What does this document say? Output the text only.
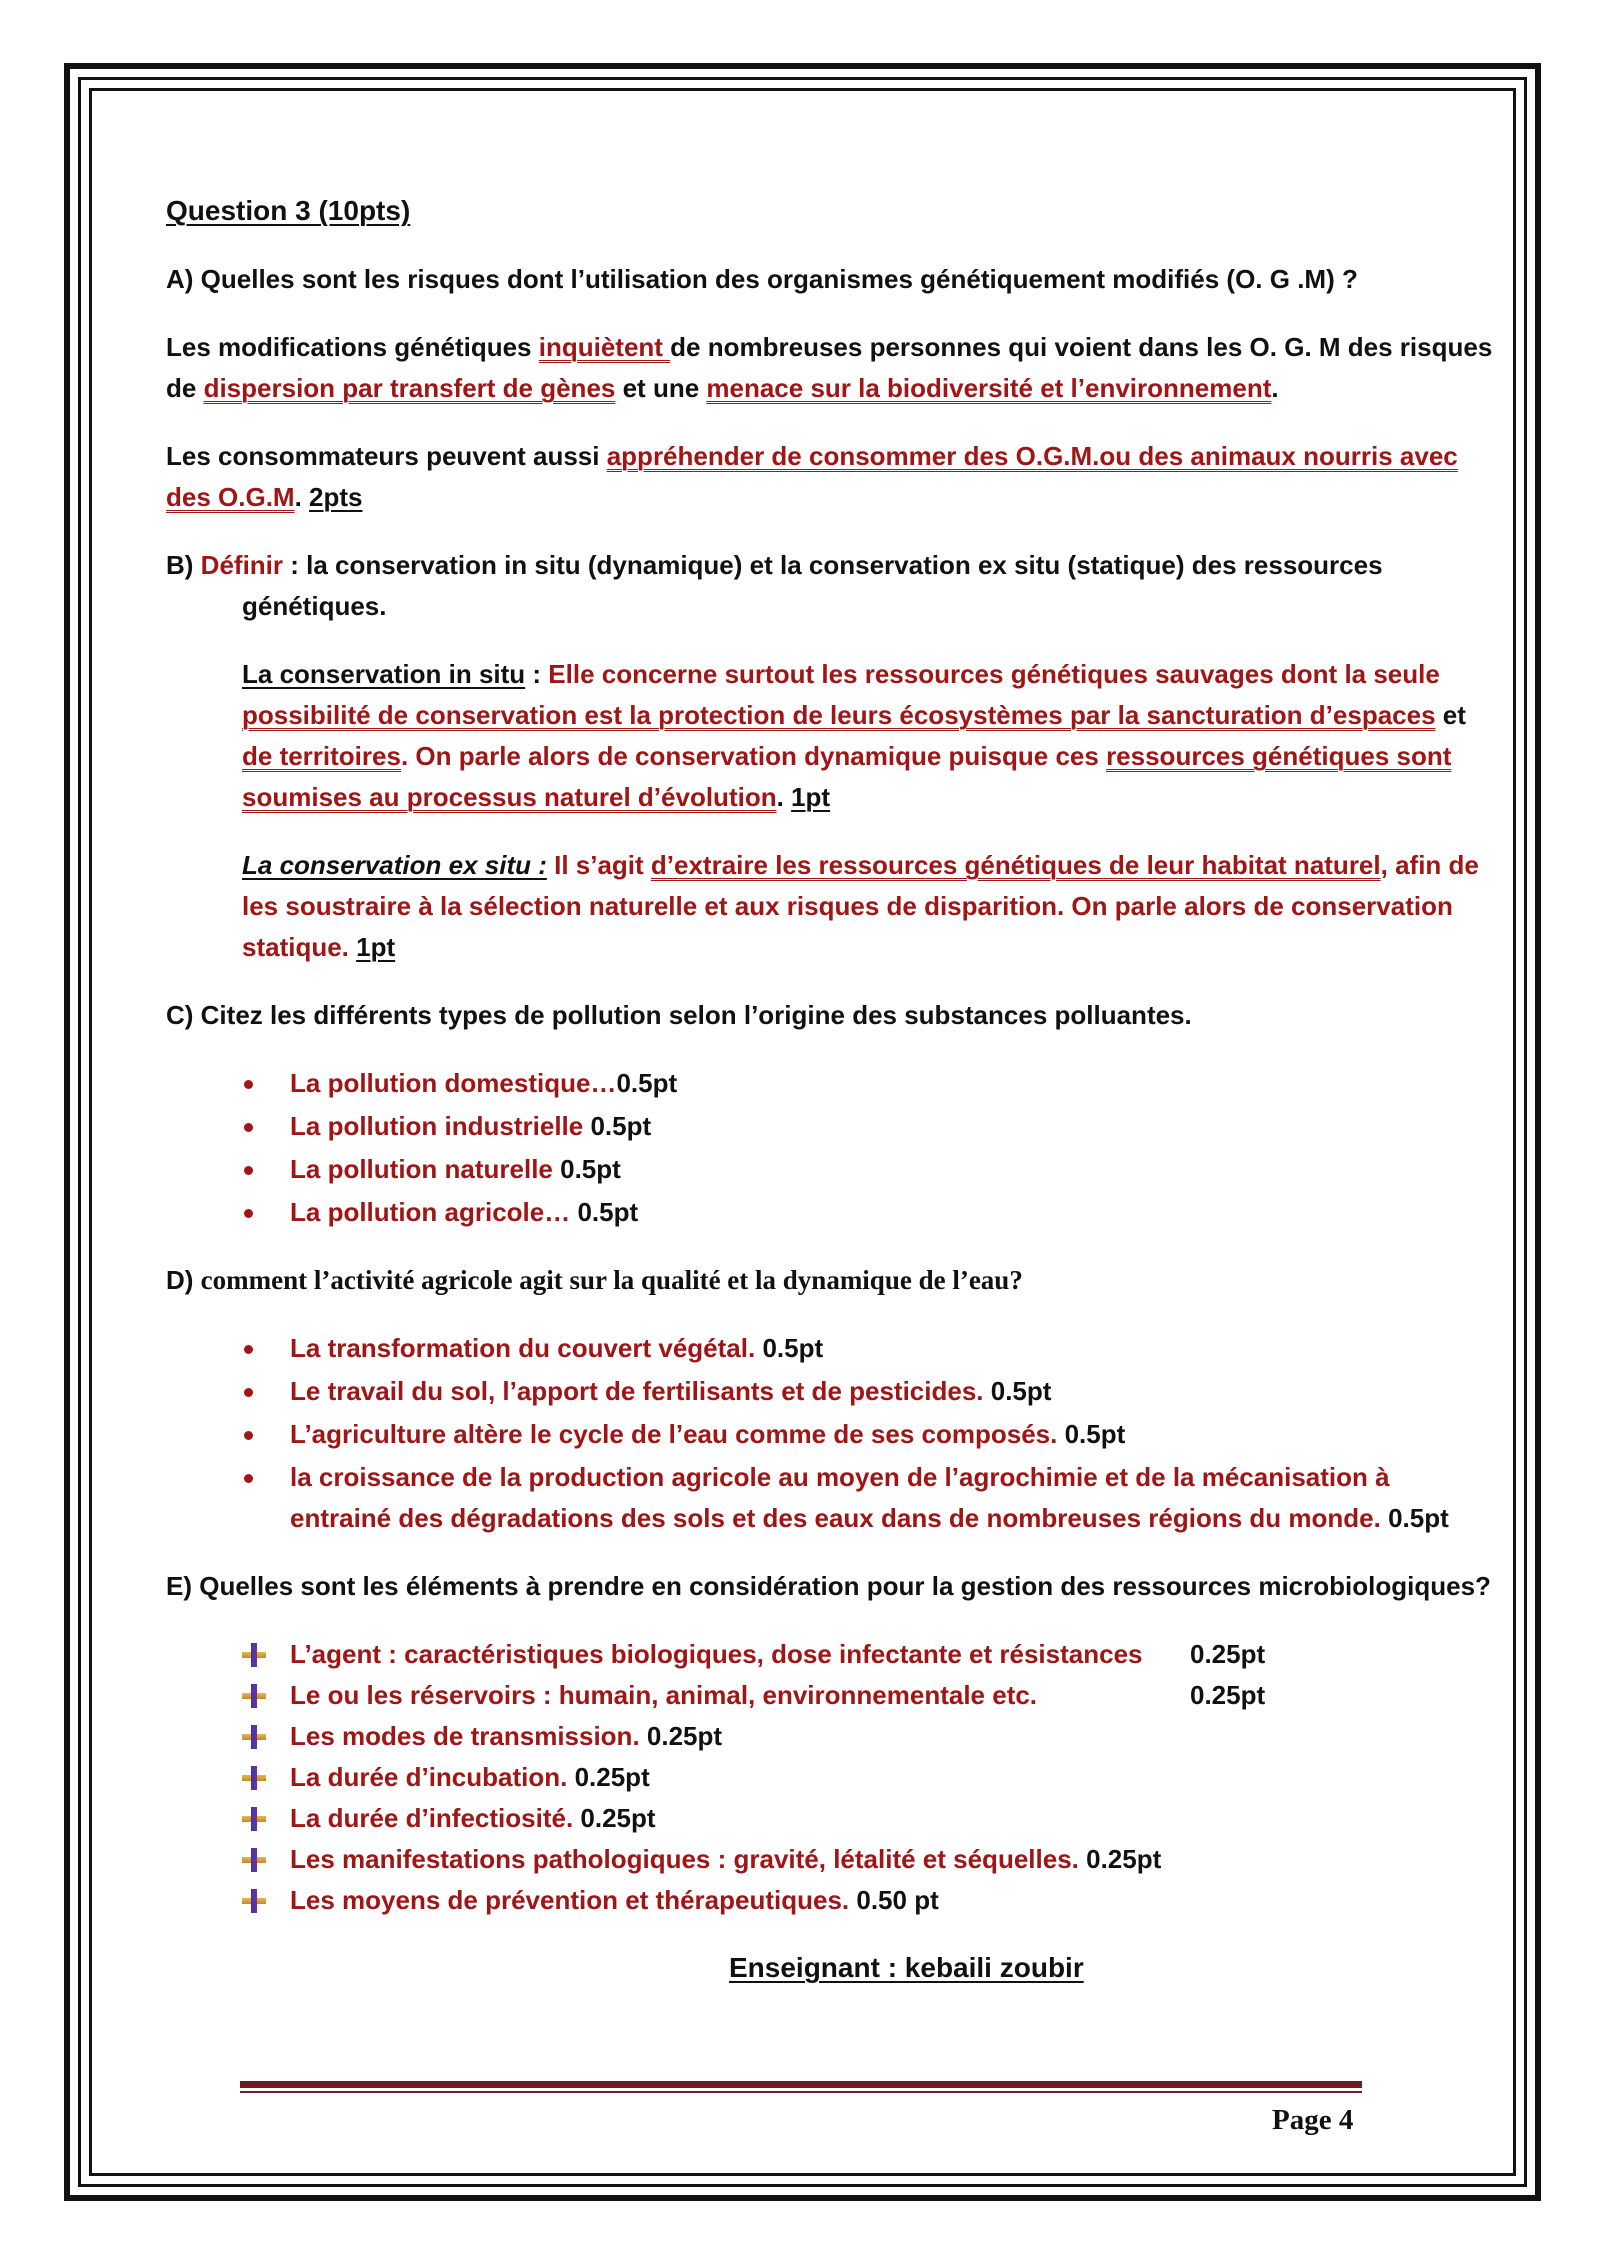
Question 3 (10pts)

A) Quelles sont les risques dont l’utilisation des organismes génétiquement modifiés (O. G .M) ?

Les modifications génétiques inquiètent de nombreuses personnes qui voient dans les O. G. M des risques de dispersion par transfert de gènes et une menace sur la biodiversité et l’environnement.

Les consommateurs peuvent aussi appréhender de consommer des O.G.M.ou des animaux nourris avec des O.G.M. 2pts

B) Définir : la conservation in situ (dynamique) et la conservation ex situ (statique) des ressources génétiques.

La conservation in situ : Elle concerne surtout les ressources génétiques sauvages dont la seule possibilité de conservation est la protection de leurs écosystèmes par la sancturation d’espaces et de territoires. On parle alors de conservation dynamique puisque ces ressources génétiques sont soumises au processus naturel d’évolution. 1pt

La conservation ex situ : Il s’agit d’extraire les ressources génétiques de leur habitat naturel, afin de les soustraire à la sélection naturelle et aux risques de disparition. On parle alors de conservation statique. 1pt

C) Citez les différents types de pollution selon l’origine des substances polluantes.

La pollution domestique…0.5pt
La pollution industrielle 0.5pt
La pollution naturelle 0.5pt
La pollution agricole… 0.5pt

D) comment l’activité agricole agit sur la qualité et la dynamique de l’eau?

La transformation du couvert végétal. 0.5pt
Le travail du sol, l’apport de fertilisants et de pesticides. 0.5pt
L’agriculture altère le cycle de l’eau comme de ses composés. 0.5pt
la croissance de la production agricole au moyen de l’agrochimie et de la mécanisation à entrainé des dégradations des sols et des eaux dans de nombreuses régions du monde. 0.5pt

E) Quelles sont les éléments à prendre en considération pour la gestion des ressources microbiologiques?

L’agent : caractéristiques biologiques, dose infectante et résistances 0.25pt
Le ou les réservoirs : humain, animal, environnementale etc.	0.25pt
Les modes de transmission. 0.25pt
La durée d’incubation. 0.25pt
La durée d’infectiosité. 0.25pt
Les manifestations pathologiques : gravité, létalité et séquelles. 0.25pt
Les moyens de prévention et thérapeutiques. 0.50 pt

Enseignant : kebaili zoubir

Page 4
